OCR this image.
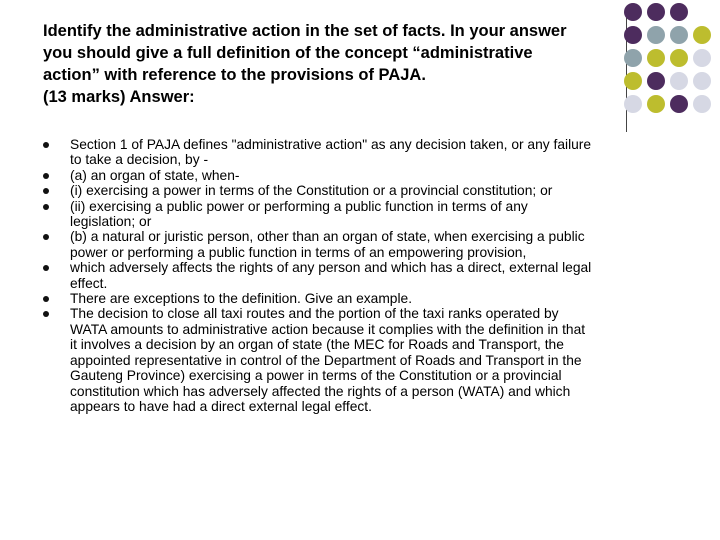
Identify the administrative action in the set of facts. In your answer
you should give a full definition of the concept “administrative
action” with reference to the provisions of PAJA.
(13 marks) Answer:
Section 1 of PAJA defines "administrative action" as any decision taken, or any failure
to take a decision, by -
(a) an organ of state, when-
(i) exercising a power in terms of the Constitution or a provincial constitution; or
(ii) exercising a public power or performing a public function in terms of any
legislation; or
(b) a natural or juristic person, other than an organ of state, when exercising a public
power or performing a public function in terms of an empowering provision,
which adversely affects the rights of any person and which has a direct, external legal
effect.
There are exceptions to the definition. Give an example.
The decision to close all taxi routes and the portion of the taxi ranks operated by
WATA amounts to administrative action because it complies with the definition in that
it involves a decision by an organ of state (the MEC for Roads and Transport, the
appointed representative in control of the Department of Roads and Transport in the
Gauteng Province) exercising a power in terms of the Constitution or a provincial
constitution which has adversely affected the rights of a person (WATA) and which
appears to have had a direct external legal effect.
